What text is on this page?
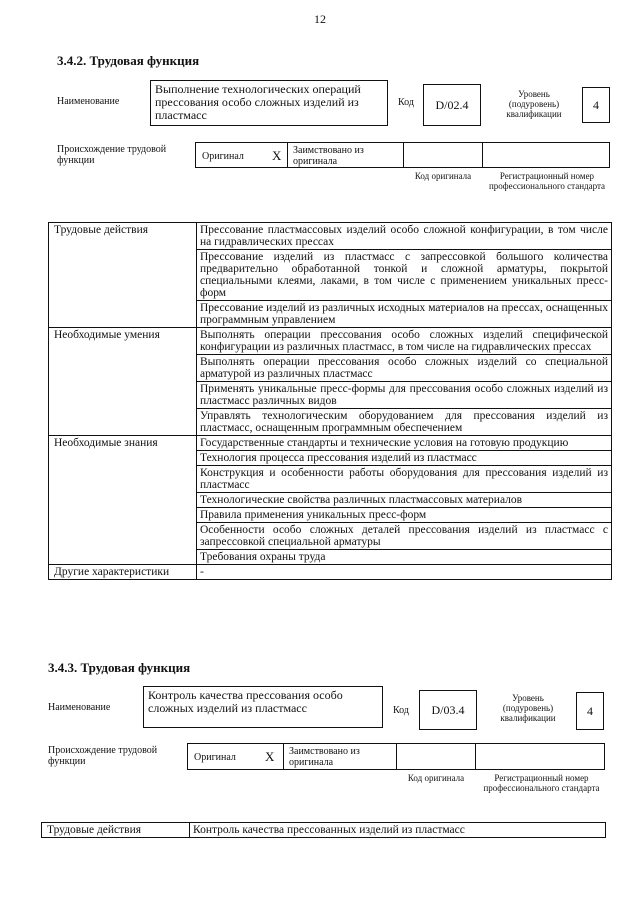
12
3.4.2. Трудовая функция
Наименование
Выполнение технологических операций прессования особо сложных изделий из пластмасс
Код	D/02.4
Уровень (подуровень) квалификации
4
Происхождение трудовой функции	Оригинал X Заимствовано из оригинала
Код оригинала	Регистрационный номер профессионального стандарта
Трудовые действия	Прессование пластмассовых изделий особо сложной конфигурации, в том числе на гидравлических прессах
	Прессование изделий из пластмасс с запрессовкой большого количества предварительно обработанной тонкой и сложной арматуры, покрытой специальными клеями, лаками, в том числе с применением уникальных пресс-форм
	Прессование изделий из различных исходных материалов на прессах, оснащенных программным управлением
Необходимые умения	Выполнять операции прессования особо сложных изделий специфической конфигурации из различных пластмасс, в том числе на гидравлических прессах
	Выполнять операции прессования особо сложных изделий со специальной арматурой из различных пластмасс
	Применять уникальные пресс-формы для прессования особо сложных изделий из пластмасс различных видов
	Управлять технологическим оборудованием для прессования изделий из пластмасс, оснащенным программным обеспечением
Необходимые знания	Государственные стандарты и технические условия на готовую продукцию
	Технология процесса прессования изделий из пластмасс
	Конструкция и особенности работы оборудования для прессования изделий из пластмасс
	Технологические свойства различных пластмассовых материалов
	Правила применения уникальных пресс-форм
	Особенности особо сложных деталей прессования изделий из пластмасс с запрессовкой специальной арматуры
	Требования охраны труда
Другие характеристики	-
3.4.3. Трудовая функция
Наименование
Контроль качества прессования особо сложных изделий из пластмасс	Код	D/03.4
Уровень (подуровень) квалификации	4
Происхождение трудовой функции	Оригинал X Заимствовано из оригинала
Код оригинала	Регистрационный номер профессионального стандарта
Трудовые действия	Контроль качества прессованных изделий из пластмасс
